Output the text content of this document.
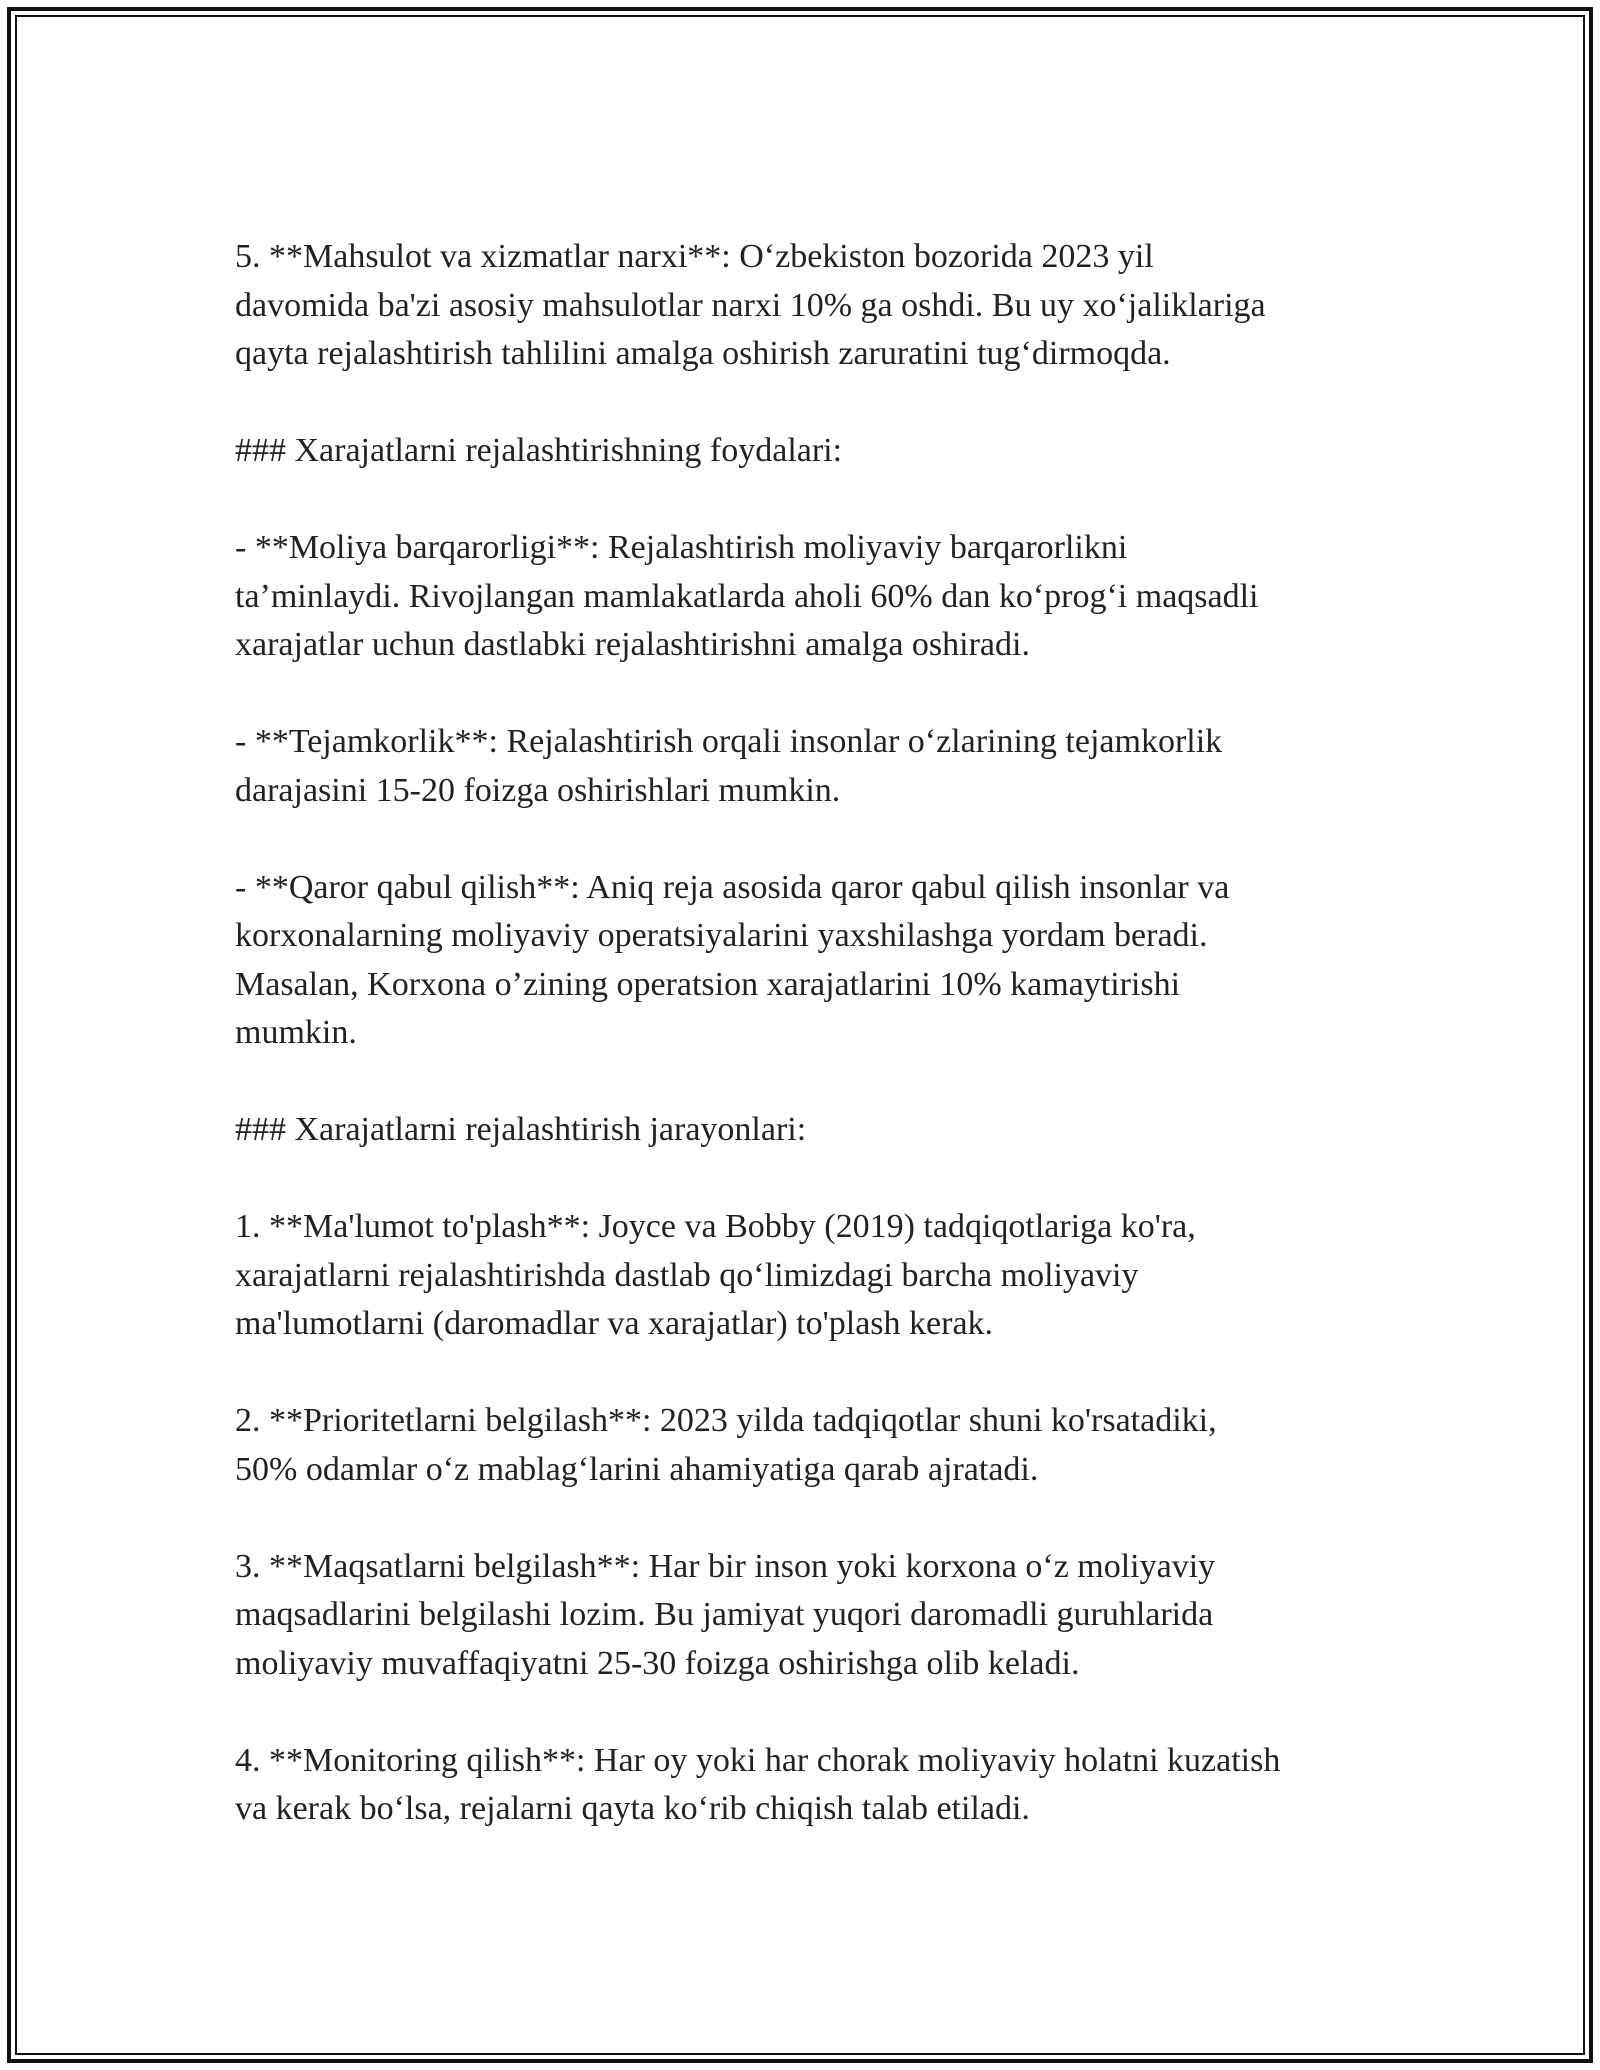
5. **Mahsulot va xizmatlar narxi**: O‘zbekiston bozorida 2023 yil
davomida ba'zi asosiy mahsulotlar narxi 10% ga oshdi. Bu uy xo‘jaliklariga
qayta rejalashtirish tahlilini amalga oshirish zaruratini tug‘dirmoqda.

### Xarajatlarni rejalashtirishning foydalari:

- **Moliya barqarorligi**: Rejalashtirish moliyaviy barqarorlikni
ta’minlaydi. Rivojlangan mamlakatlarda aholi 60% dan ko‘prog‘i maqsadli
xarajatlar uchun dastlabki rejalashtirishni amalga oshiradi.

- **Tejamkorlik**: Rejalashtirish orqali insonlar o‘zlarining tejamkorlik
darajasini 15-20 foizga oshirishlari mumkin.

- **Qaror qabul qilish**: Aniq reja asosida qaror qabul qilish insonlar va
korxonalarning moliyaviy operatsiyalarini yaxshilashga yordam beradi.
Masalan, Korxona o’zining operatsion xarajatlarini 10% kamaytirishi
mumkin.

### Xarajatlarni rejalashtirish jarayonlari:

1. **Ma'lumot to'plash**: Joyce va Bobby (2019) tadqiqotlariga ko'ra,
xarajatlarni rejalashtirishda dastlab qo‘limizdagi barcha moliyaviy
ma'lumotlarni (daromadlar va xarajatlar) to'plash kerak.

2. **Prioritetlarni belgilash**: 2023 yilda tadqiqotlar shuni ko'rsatadiki,
50% odamlar o‘z mablag‘larini ahamiyatiga qarab ajratadi.

3. **Maqsatlarni belgilash**: Har bir inson yoki korxona o‘z moliyaviy
maqsadlarini belgilashi lozim. Bu jamiyat yuqori daromadli guruhlarida
moliyaviy muvaffaqiyatni 25-30 foizga oshirishga olib keladi.

4. **Monitoring qilish**: Har oy yoki har chorak moliyaviy holatni kuzatish
va kerak bo‘lsa, rejalarni qayta ko‘rib chiqish talab etiladi.
